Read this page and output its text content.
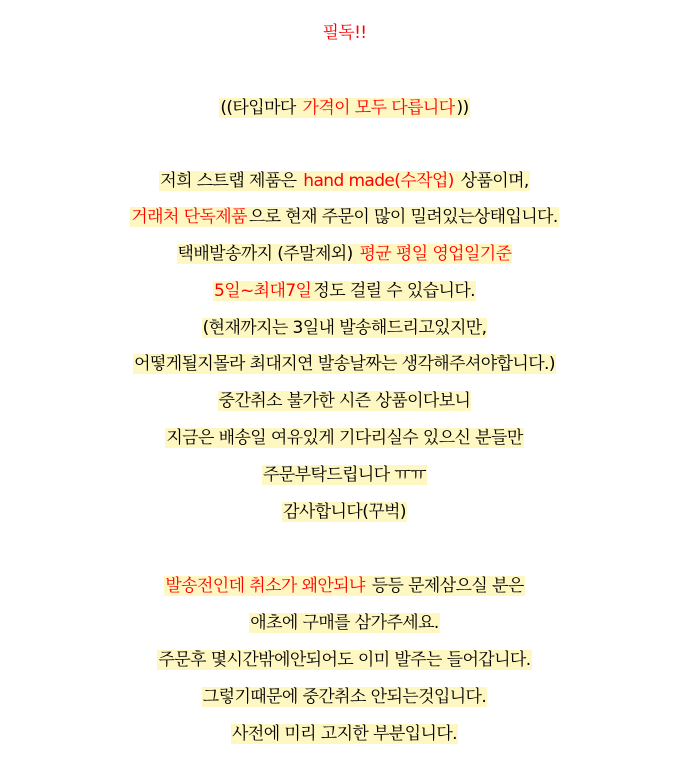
필독!!
((타입마다 가격이 모두 다릅니다 ))
저희 스트랩 제품은 hand made(수작업) 상품이며,
거래처 단독제품 으로 현재 주문이 많이 밀려있는상태입니다.
택배발송까지 (주말제외) 평균 평일 영업일기준
5일~최대7일 정도 걸릴 수 있습니다.
(현재까지는 3일내 발송해드리고있지만,
어떻게될지몰라 최대지연 발송날짜는 생각해주셔야합니다.)
중간취소 불가한 시즌 상품이다보니
지금은 배송일 여유있게 기다리실수 있으신 분들만
주문부탁드립니다 ㅠㅠ
감사합니다(꾸벅)
발송전인데 취소가 왜안되냐 등등 문제삼으실 분은
애초에 구매를 삼가주세요.
주문후 몇시간밖에안되어도 이미 발주는 들어갑니다.
그렇기때문에 중간취소 안되는것입니다.
사전에 미리 고지한 부분입니다.
